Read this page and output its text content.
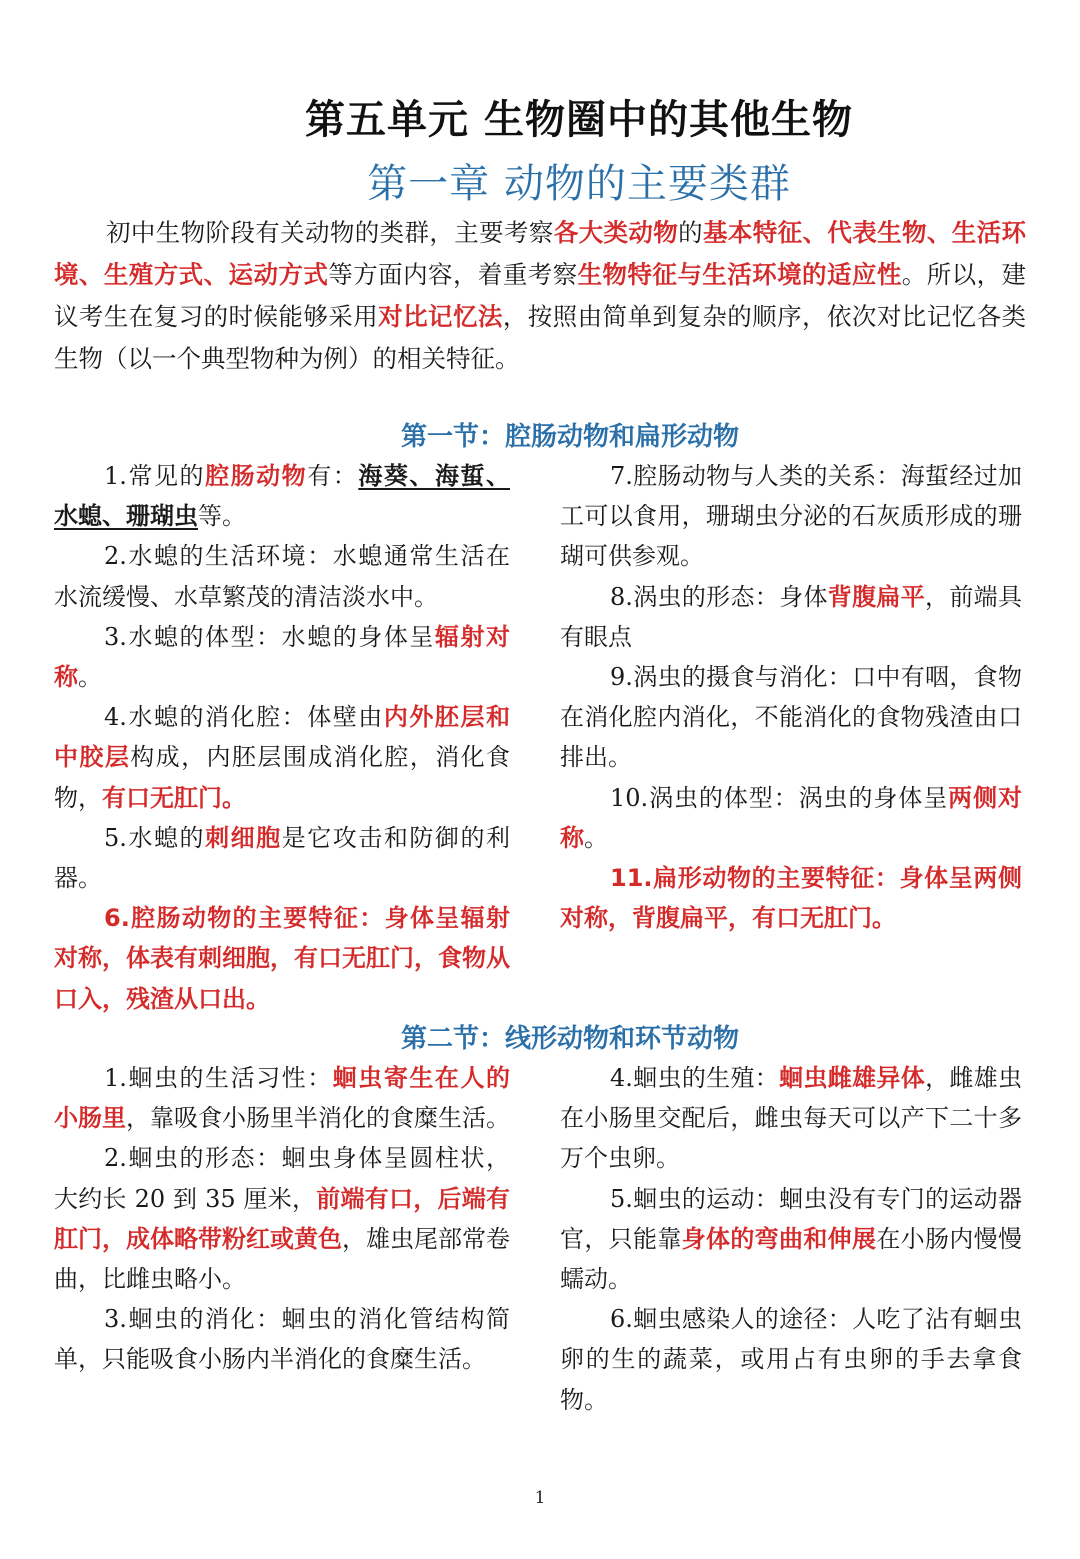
第五单元 生物圈中的其他生物
第一章 动物的主要类群
初中生物阶段有关动物的类群，主要考察各大类动物的基本特征、代表生物、生活环境、生殖方式、运动方式等方面内容，着重考察生物特征与生活环境的适应性。所以，建议考生在复习的时候能够采用对比记忆法，按照由简单到复杂的顺序，依次对比记忆各类生物（以一个典型物种为例）的相关特征。
第一节：腔肠动物和扁形动物

1.常见的腔肠动物有：海葵、海蜇、水螅、珊瑚虫等。

2.水螅的生活环境：水螅通常生活在水流缓慢、水草繁茂的清洁淡水中。

3.水螅的体型：水螅的身体呈辐射对称。

4.水螅的消化腔：体壁由内外胚层和中胶层构成，内胚层围成消化腔，消化食物，有口无肛门。

5.水螅的刺细胞是它攻击和防御的利器。

6.腔肠动物的主要特征：身体呈辐射对称，体表有刺细胞，有口无肛门，食物从口入，残渣从口出。

7.腔肠动物与人类的关系：海蜇经过加工可以食用，珊瑚虫分泌的石灰质形成的珊瑚可供参观。

8.涡虫的形态：身体背腹扁平，前端具有眼点

9.涡虫的摄食与消化：口中有咽，食物在消化腔内消化，不能消化的食物残渣由口排出。

10.涡虫的体型：涡虫的身体呈两侧对称。

11.扁形动物的主要特征：身体呈两侧对称，背腹扁平，有口无肛门。

第二节：线形动物和环节动物

1.蛔虫的生活习性：蛔虫寄生在人的小肠里，靠吸食小肠里半消化的食糜生活。

2.蛔虫的形态：蛔虫身体呈圆柱状，大约长 20 到 35 厘米，前端有口，后端有肛门，成体略带粉红或黄色，雄虫尾部常卷曲，比雌虫略小。

3.蛔虫的消化：蛔虫的消化管结构简单，只能吸食小肠内半消化的食糜生活。

4.蛔虫的生殖：蛔虫雌雄异体，雌雄虫在小肠里交配后，雌虫每天可以产下二十多万个虫卵。

5.蛔虫的运动：蛔虫没有专门的运动器官，只能靠身体的弯曲和伸展在小肠内慢慢蠕动。

6.蛔虫感染人的途径：人吃了沾有蛔虫卵的生的蔬菜，或用占有虫卵的手去拿食物。

1
